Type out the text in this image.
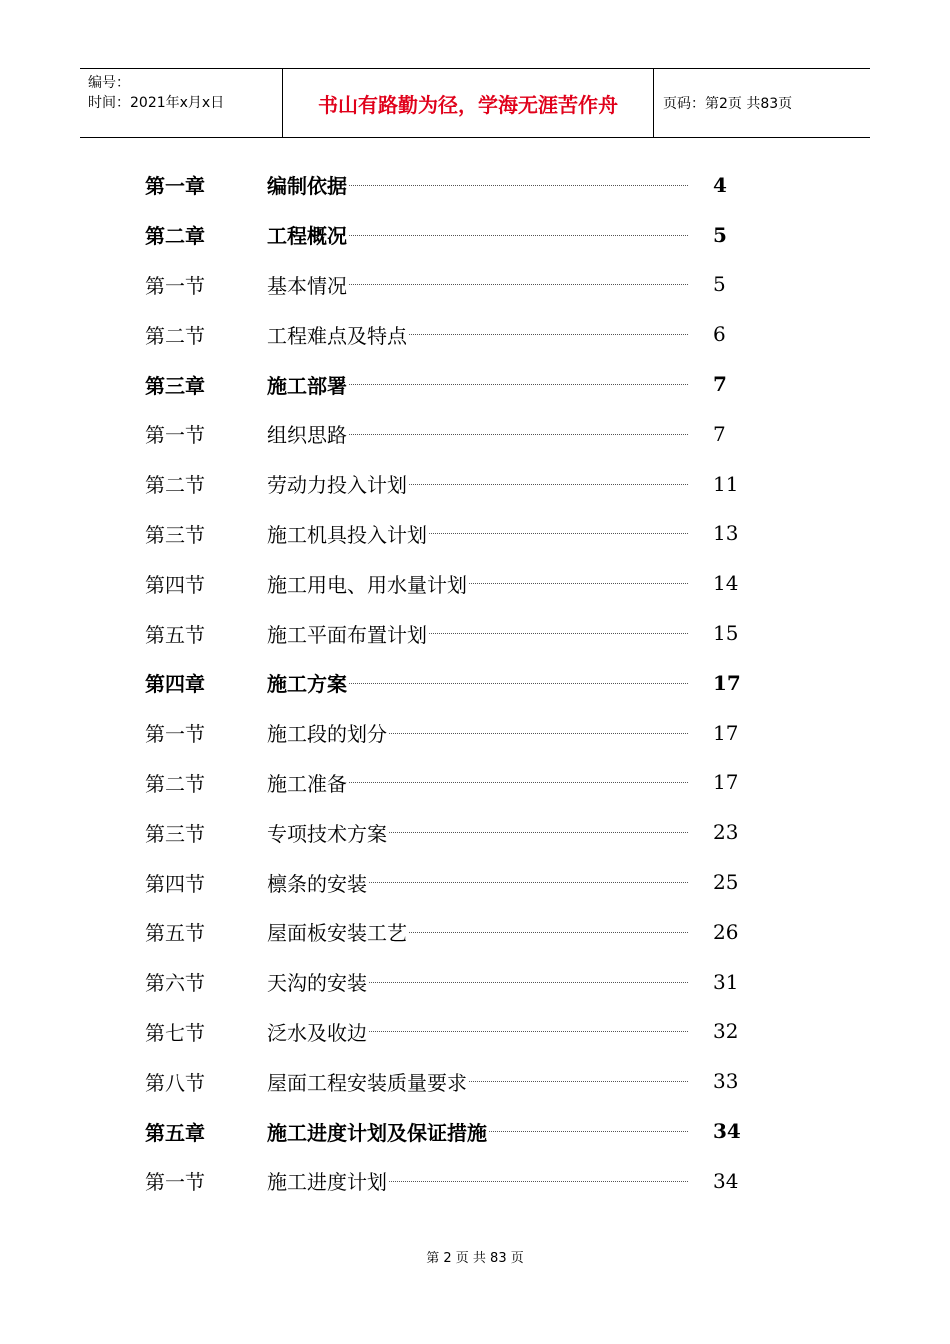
编号：
时间：2021年x月x日	书山有路勤为径，学海无涯苦作舟	页码：第2页 共83页
第一章	编制依据	4
第二章	工程概况	5
第一节	基本情况	5
第二节	工程难点及特点	6
第三章	施工部署	7
第一节	组织思路	7
第二节	劳动力投入计划	11
第三节	施工机具投入计划	13
第四节	施工用电、用水量计划	14
第五节	施工平面布置计划	15
第四章	施工方案	17
第一节	施工段的划分	17
第二节	施工准备	17
第三节	专项技术方案	23
第四节	檩条的安装	25
第五节	屋面板安装工艺	26
第六节	天沟的安装	31
第七节	泛水及收边	32
第八节	屋面工程安装质量要求	33
第五章	施工进度计划及保证措施	34
第一节	施工进度计划	34
第 2 页 共 83 页
